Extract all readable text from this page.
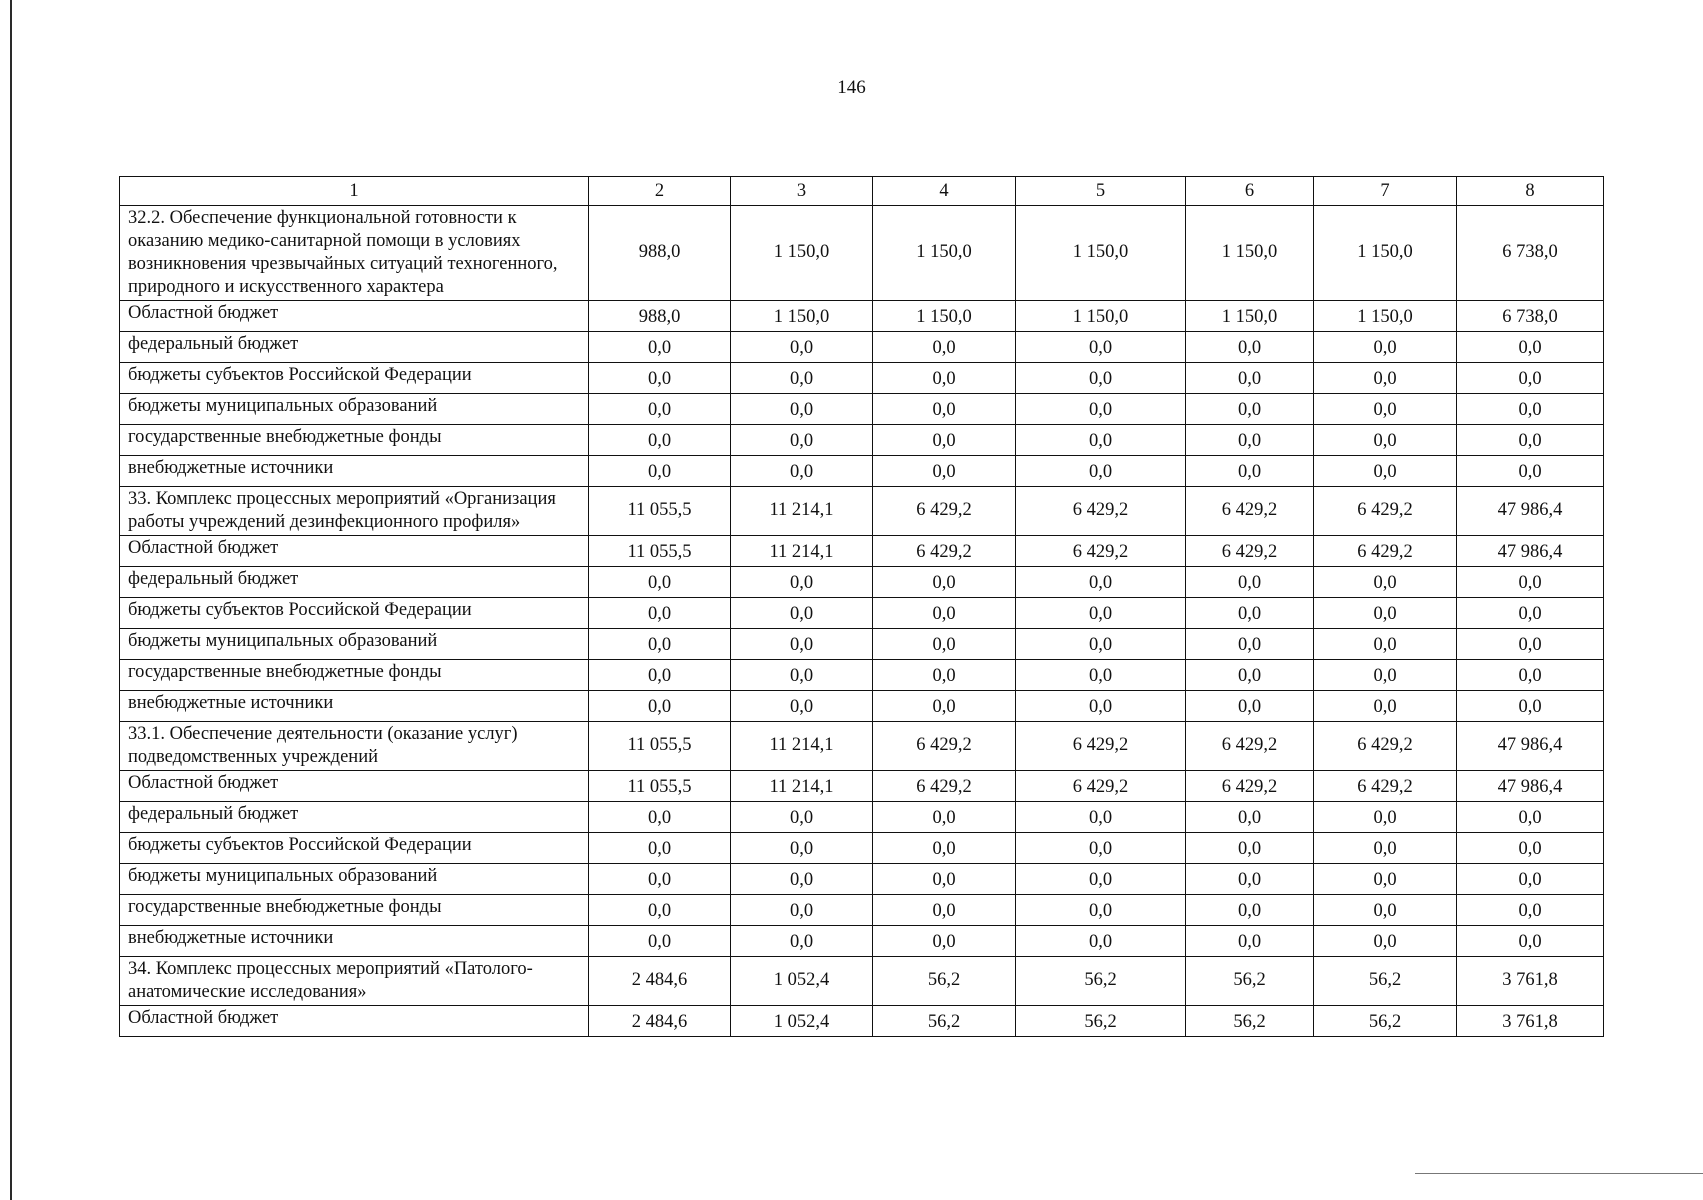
146
1	2	3	4	5	6	7	8
32.2. Обеспечение функциональной готовности к оказанию медико-санитарной помощи в условиях возникновения чрезвычайных ситуаций техногенного, природного и искусственного характера	988,0	1 150,0	1 150,0	1 150,0	1 150,0	1 150,0	6 738,0
Областной бюджет	988,0	1 150,0	1 150,0	1 150,0	1 150,0	1 150,0	6 738,0
федеральный бюджет	0,0	0,0	0,0	0,0	0,0	0,0	0,0
бюджеты субъектов Российской Федерации	0,0	0,0	0,0	0,0	0,0	0,0	0,0
бюджеты муниципальных образований	0,0	0,0	0,0	0,0	0,0	0,0	0,0
государственные внебюджетные фонды	0,0	0,0	0,0	0,0	0,0	0,0	0,0
внебюджетные источники	0,0	0,0	0,0	0,0	0,0	0,0	0,0
33. Комплекс процессных мероприятий «Организация работы учреждений дезинфекционного профиля»	11 055,5	11 214,1	6 429,2	6 429,2	6 429,2	6 429,2	47 986,4
Областной бюджет	11 055,5	11 214,1	6 429,2	6 429,2	6 429,2	6 429,2	47 986,4
федеральный бюджет	0,0	0,0	0,0	0,0	0,0	0,0	0,0
бюджеты субъектов Российской Федерации	0,0	0,0	0,0	0,0	0,0	0,0	0,0
бюджеты муниципальных образований	0,0	0,0	0,0	0,0	0,0	0,0	0,0
государственные внебюджетные фонды	0,0	0,0	0,0	0,0	0,0	0,0	0,0
внебюджетные источники	0,0	0,0	0,0	0,0	0,0	0,0	0,0
33.1. Обеспечение деятельности (оказание услуг) подведомственных учреждений	11 055,5	11 214,1	6 429,2	6 429,2	6 429,2	6 429,2	47 986,4
Областной бюджет	11 055,5	11 214,1	6 429,2	6 429,2	6 429,2	6 429,2	47 986,4
федеральный бюджет	0,0	0,0	0,0	0,0	0,0	0,0	0,0
бюджеты субъектов Российской Федерации	0,0	0,0	0,0	0,0	0,0	0,0	0,0
бюджеты муниципальных образований	0,0	0,0	0,0	0,0	0,0	0,0	0,0
государственные внебюджетные фонды	0,0	0,0	0,0	0,0	0,0	0,0	0,0
внебюджетные источники	0,0	0,0	0,0	0,0	0,0	0,0	0,0
34. Комплекс процессных мероприятий «Патолого-анатомические исследования»	2 484,6	1 052,4	56,2	56,2	56,2	56,2	3 761,8
Областной бюджет	2 484,6	1 052,4	56,2	56,2	56,2	56,2	3 761,8
